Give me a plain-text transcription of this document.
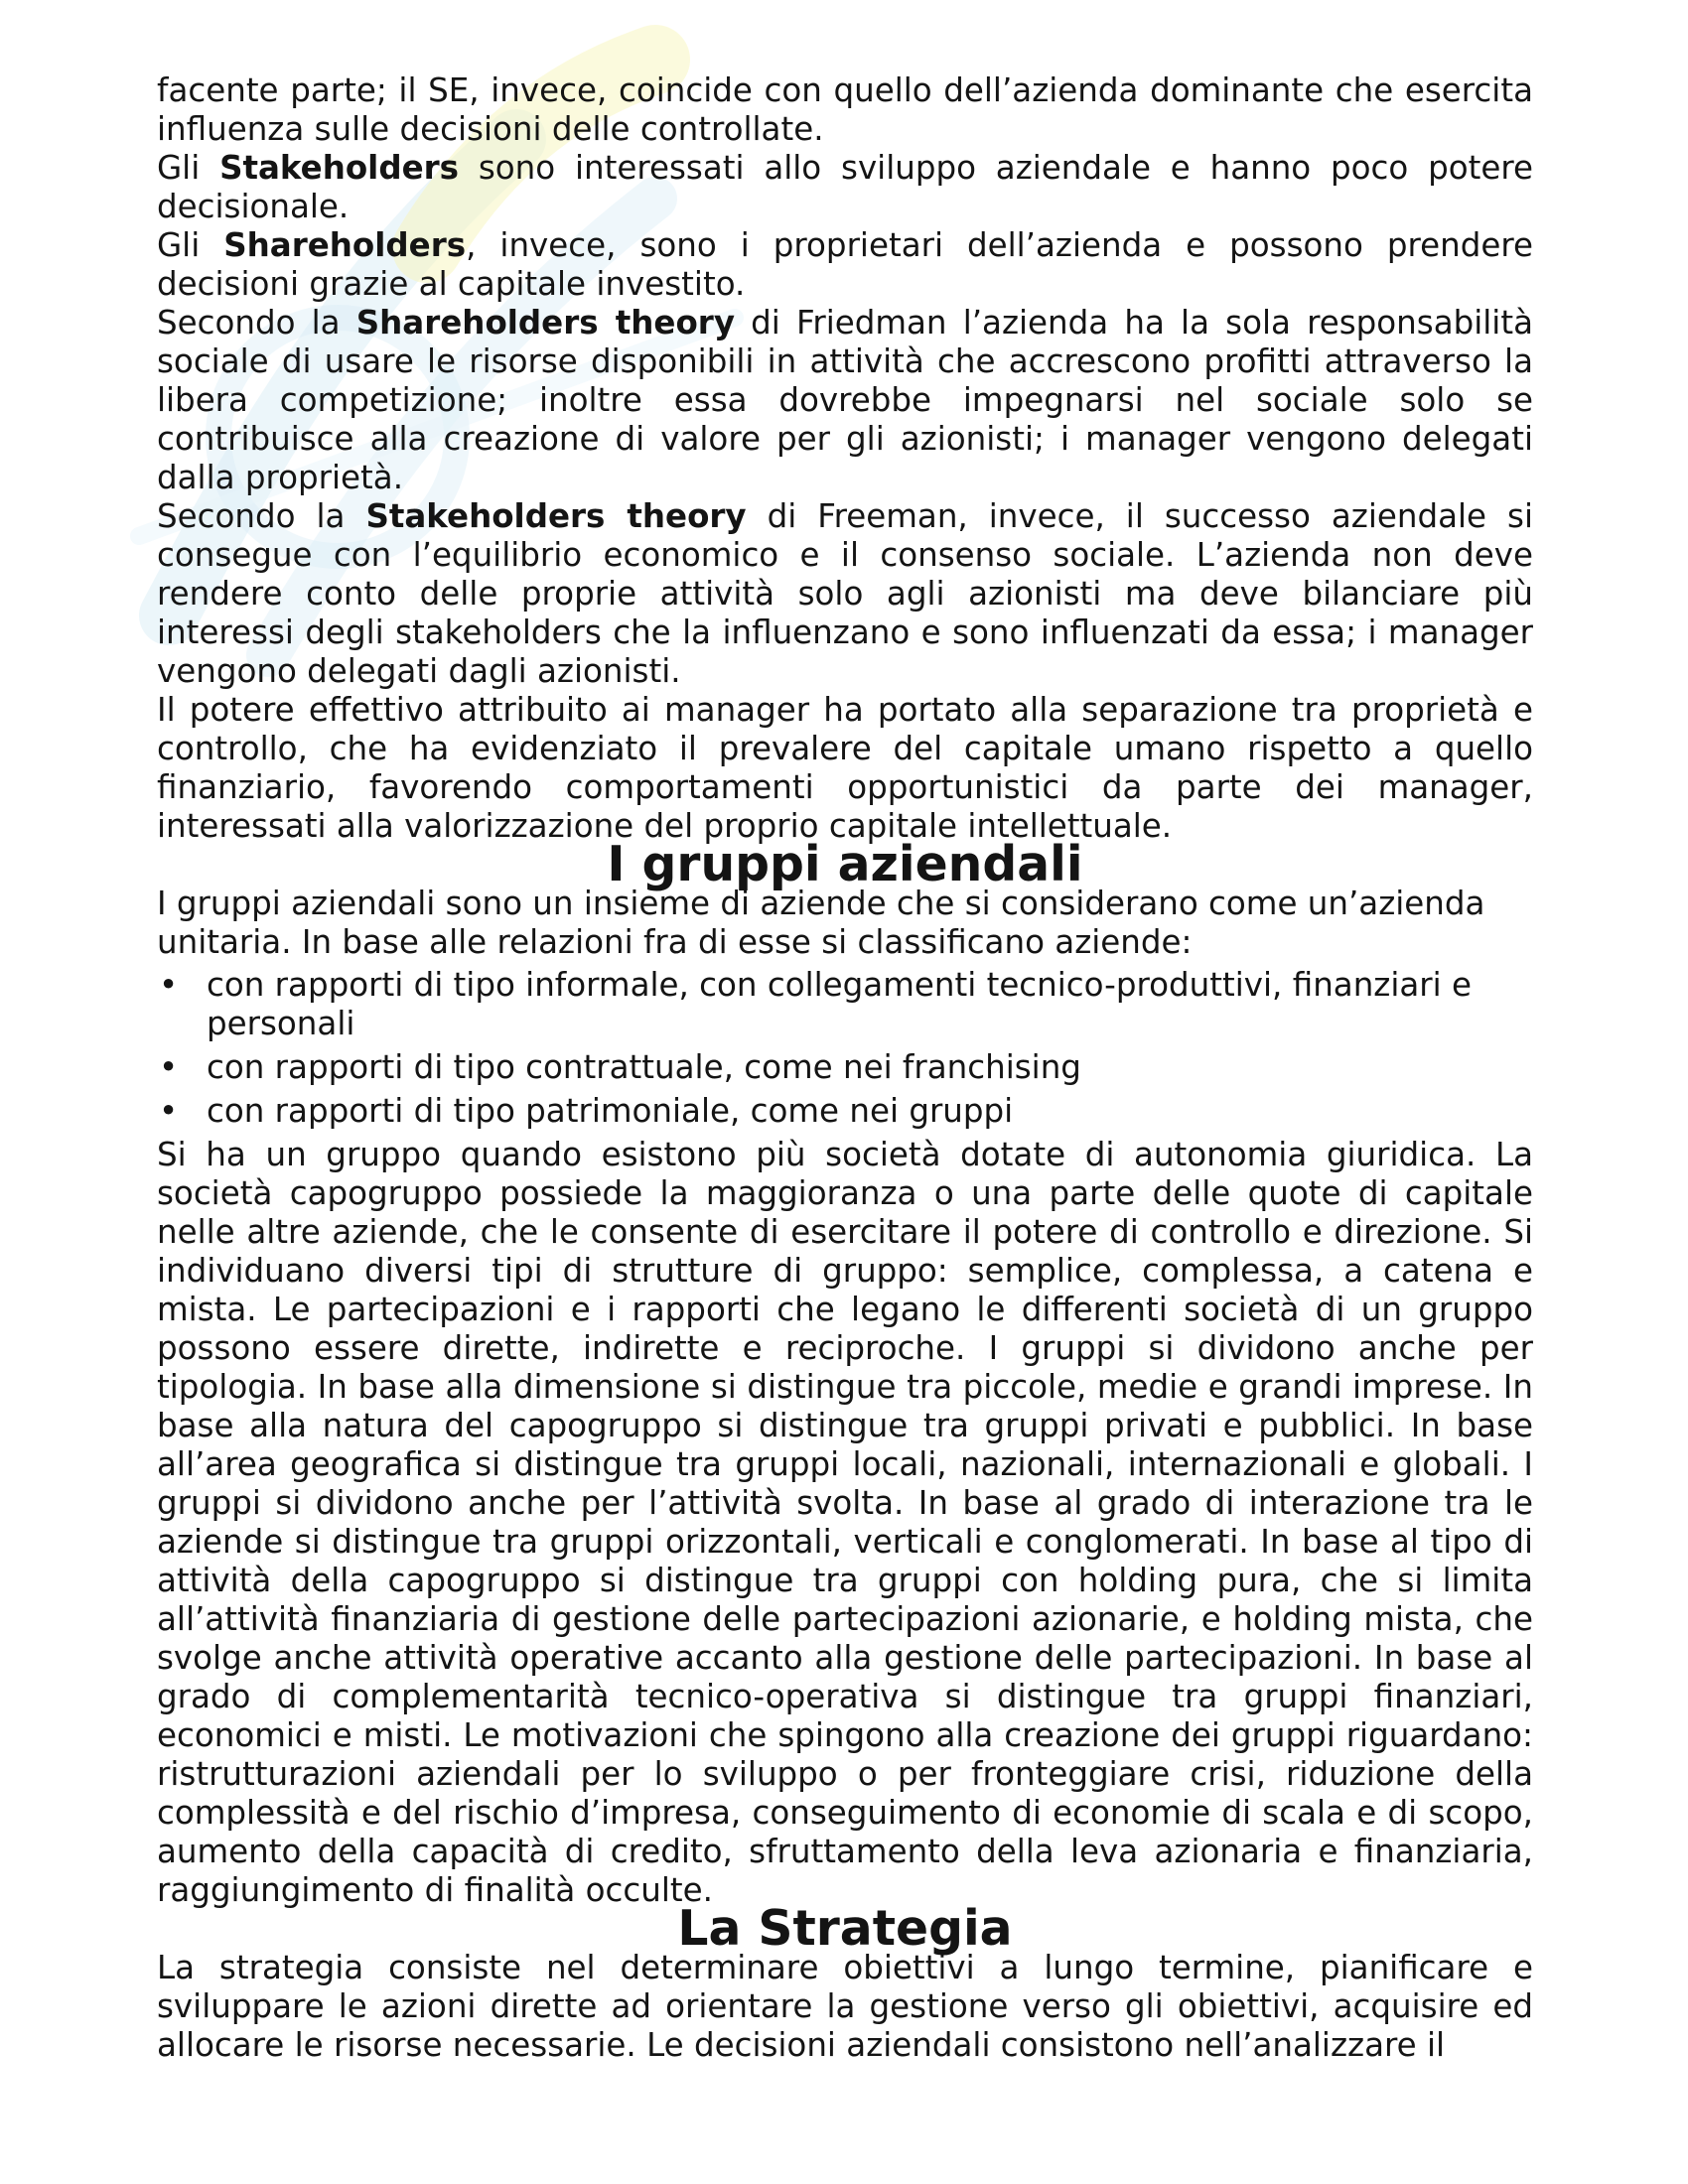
facente parte; il SE, invece, coincide con quello dell’azienda dominante che esercita influenza sulle decisioni delle controllate.

Gli Stakeholders sono interessati allo sviluppo aziendale e hanno poco potere decisionale.

Gli Shareholders, invece, sono i proprietari dell’azienda e possono prendere decisioni grazie al capitale investito.

Secondo la Shareholders theory di Friedman l’azienda ha la sola responsabilità sociale di usare le risorse disponibili in attività che accrescono profitti attraverso la libera competizione; inoltre essa dovrebbe impegnarsi nel sociale solo se contribuisce alla creazione di valore per gli azionisti; i manager vengono delegati dalla proprietà.

Secondo la Stakeholders theory di Freeman, invece, il successo aziendale si consegue con l’equilibrio economico e il consenso sociale. L’azienda non deve rendere conto delle proprie attività solo agli azionisti ma deve bilanciare più interessi degli stakeholders che la influenzano e sono influenzati da essa; i manager vengono delegati dagli azionisti.

Il potere effettivo attribuito ai manager ha portato alla separazione tra proprietà e controllo, che ha evidenziato il prevalere del capitale umano rispetto a quello finanziario, favorendo comportamenti opportunistici da parte dei manager, interessati alla valorizzazione del proprio capitale intellettuale.

I gruppi aziendali

I gruppi aziendali sono un insieme di aziende che si considerano come un’azienda unitaria. In base alle relazioni fra di esse si classificano aziende:

• con rapporti di tipo informale, con collegamenti tecnico-produttivi, finanziari e personali
• con rapporti di tipo contrattuale, come nei franchising
• con rapporti di tipo patrimoniale, come nei gruppi

Si ha un gruppo quando esistono più società dotate di autonomia giuridica. La società capogruppo possiede la maggioranza o una parte delle quote di capitale nelle altre aziende, che le consente di esercitare il potere di controllo e direzione. Si individuano diversi tipi di strutture di gruppo: semplice, complessa, a catena e mista. Le partecipazioni e i rapporti che legano le differenti società di un gruppo possono essere dirette, indirette e reciproche. I gruppi si dividono anche per tipologia. In base alla dimensione si distingue tra piccole, medie e grandi imprese. In base alla natura del capogruppo si distingue tra gruppi privati e pubblici. In base all’area geografica si distingue tra gruppi locali, nazionali, internazionali e globali. I gruppi si dividono anche per l’attività svolta. In base al grado di interazione tra le aziende si distingue tra gruppi orizzontali, verticali e conglomerati. In base al tipo di attività della capogruppo si distingue tra gruppi con holding pura, che si limita all’attività finanziaria di gestione delle partecipazioni azionarie, e holding mista, che svolge anche attività operative accanto alla gestione delle partecipazioni. In base al grado di complementarità tecnico-operativa si distingue tra gruppi finanziari, economici e misti. Le motivazioni che spingono alla creazione dei gruppi riguardano: ristrutturazioni aziendali per lo sviluppo o per fronteggiare crisi, riduzione della complessità e del rischio d’impresa, conseguimento di economie di scala e di scopo, aumento della capacità di credito, sfruttamento della leva azionaria e finanziaria, raggiungimento di finalità occulte.

La Strategia

La strategia consiste nel determinare obiettivi a lungo termine, pianificare e sviluppare le azioni dirette ad orientare la gestione verso gli obiettivi, acquisire ed allocare le risorse necessarie. Le decisioni aziendali consistono nell’analizzare il
